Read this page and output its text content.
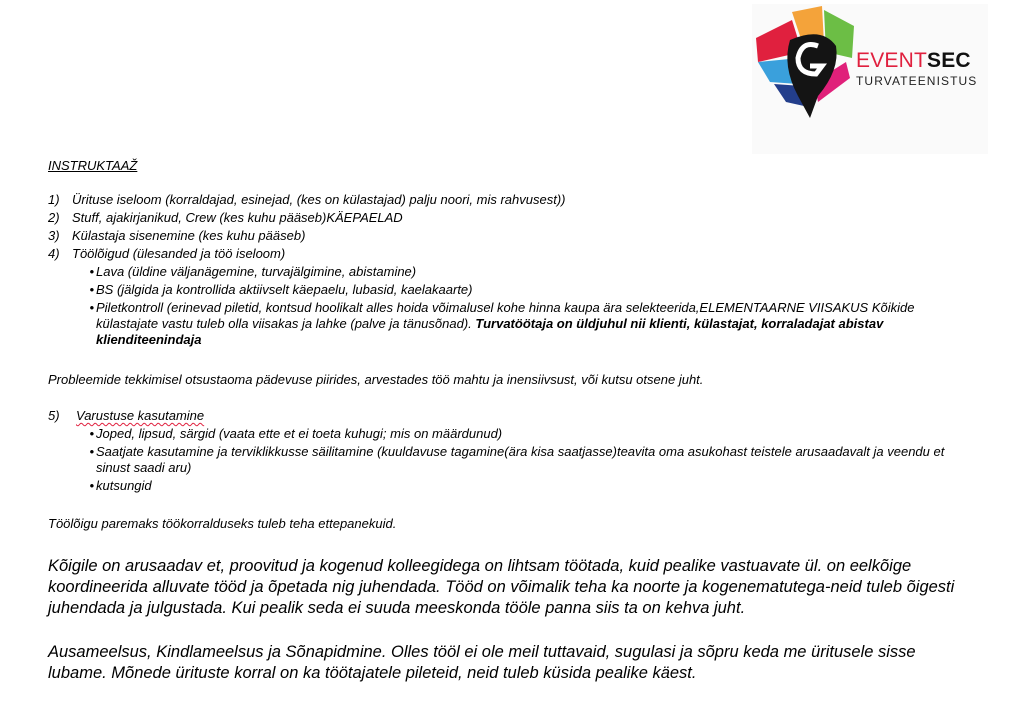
EVENTSEC
TURVATEENISTUS
INSTRUKTAAŽ
1) Ürituse iseloom (korraldajad, esinejad, (kes on külastajad) palju noori, mis rahvusest))
2) Stuff, ajakirjanikud, Crew (kes kuhu pääseb)KÄEPAELAD
3) Külastaja sisenemine (kes kuhu pääseb)
4) Töölõigud (ülesanded ja töö iseloom)
• Lava (üldine väljanägemine, turvajälgimine, abistamine)
• BS (jälgida ja kontrollida aktiivselt käepaelu, lubasid, kaelakaarte)
• Piletkontroll (erinevad piletid, kontsud hoolikalt alles hoida võimalusel kohe hinna kaupa ära selekteerida,ELEMENTAARNE VIISAKUS Kõikide külastajate vastu tuleb olla viisakas ja lahke (palve ja tänusõnad). Turvatöötaja on üldjuhul nii klienti, külastajat, korraladajat abistav klienditeenindaja
Probleemide tekkimisel otsustaoma pädevuse piirides, arvestades töö mahtu ja inensiivsust, või kutsu otsene juht.
5)	Varustuse kasutamine
• Joped, lipsud, särgid (vaata ette et ei toeta kuhugi; mis on määrdunud)
• Saatjate kasutamine ja terviklikkusse säilitamine (kuuldavuse tagamine(ära kisa saatjasse)teavita oma asukohast teistele arusaadavalt ja veendu et sinust saadi aru)
• kutsungid
Töölõigu paremaks töökorralduseks tuleb teha ettepanekuid.
Kõigile on arusaadav et, proovitud ja kogenud kolleegidega on lihtsam töötada, kuid pealike vastuavate ül. on eelkõige koordineerida alluvate tööd ja õpetada nig juhendada. Tööd on võimalik teha ka noorte ja kogenematutega-neid tuleb õigesti juhendada ja julgustada. Kui pealik seda ei suuda meeskonda tööle panna siis ta on kehva juht.
Ausameelsus, Kindlameelsus ja Sõnapidmine. Olles tööl ei ole meil tuttavaid, sugulasi ja sõpru keda me üritusele sisse lubame. Mõnede ürituste korral on ka töötajatele pileteid, neid tuleb küsida pealike käest.
